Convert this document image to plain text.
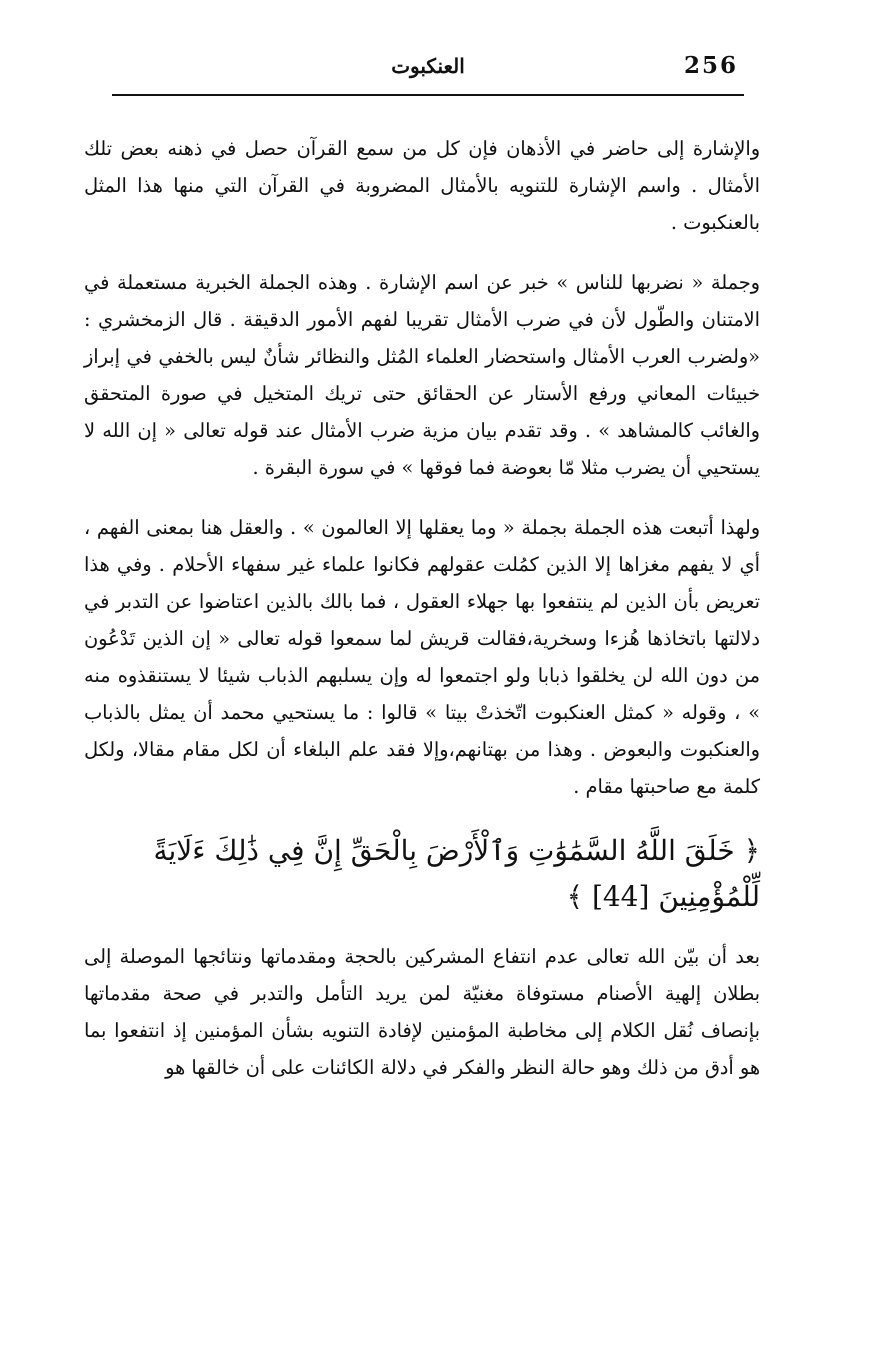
256
العنكبوت

والإشارة إلى حاضر في الأذهان فإن كل من سمع القرآن حصل في ذهنه بعض تلك الأمثال . واسم الإشارة للتنويه بالأمثال المضروبة في القرآن التي منها هذا المثل بالعنكبوت .

وجملة « نضربها للناس » خبر عن اسم الإشارة . وهذه الجملة الخبرية مستعملة في الامتنان والطّول لأن في ضرب الأمثال تقريبا لفهم الأمور الدقيقة . قال الزمخشري : «ولضرب العرب الأمثال واستحضار العلماء المُثل والنظائر شأنٌ ليس بالخفي في إبراز خبيئات المعاني ورفع الأستار عن الحقائق حتى تريك المتخيل في صورة المتحقق والغائب كالمشاهد » . وقد تقدم بيان مزية ضرب الأمثال عند قوله تعالى « إن الله لا يستحيي أن يضرب مثلا مّا بعوضة فما فوقها » في سورة البقرة .

ولهذا أتبعت هذه الجملة بجملة « وما يعقلها إلا العالمون » . والعقل هنا بمعنى الفهم ، أي لا يفهم مغزاها إلا الذين كمُلت عقولهم فكانوا علماء غير سفهاء الأحلام . وفي هذا تعريض بأن الذين لم ينتفعوا بها جهلاء العقول ، فما بالك بالذين اعتاضوا عن التدبر في دلالتها باتخاذها هُزءا وسخرية،فقالت قريش لما سمعوا قوله تعالى « إن الذين تَدْعُون من دون الله لن يخلقوا ذبابا ولو اجتمعوا له وإن يسلبهم الذباب شيئا لا يستنقذوه منه » ، وقوله « كمثل العنكبوت اتّخذتْ بيتا » قالوا : ما يستحيي محمد أن يمثل بالذباب والعنكبوت والبعوض . وهذا من بهتانهم،وإلا فقد علم البلغاء أن لكل مقام مقالا، ولكل كلمة مع صاحبتها مقام .

﴿ خَلَقَ اللَّهُ السَّمَٰوَٰتِ وَٱلْأَرْضَ بِالْحَقِّ إِنَّ فِي ذَٰلِكَ ءَلَايَةً لِّلْمُؤْمِنِينَ [44] ﴾

بعد أن بيّن الله تعالى عدم انتفاع المشركين بالحجة ومقدماتها ونتائجها الموصلة إلى بطلان إلهية الأصنام مستوفاة مغنيّة لمن يريد التأمل والتدبر في صحة مقدماتها بإنصاف نُقل الكلام إلى مخاطبة المؤمنين لإفادة التنويه بشأن المؤمنين إذ انتفعوا بما هو أدق من ذلك وهو حالة النظر والفكر في دلالة الكائنات على أن خالقها هو
